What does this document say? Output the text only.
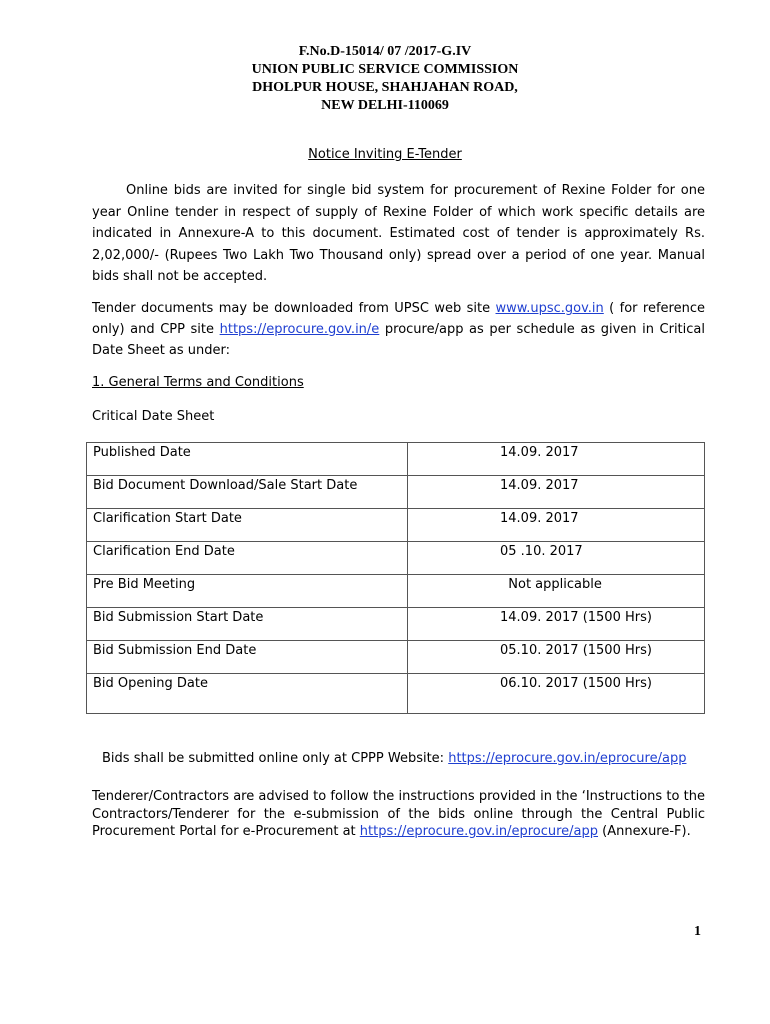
F.No.D-15014/ 07 /2017-G.IV
UNION PUBLIC SERVICE COMMISSION
DHOLPUR HOUSE, SHAHJAHAN ROAD,
NEW DELHI-110069
Notice Inviting E-Tender
Online bids are invited for single bid system for procurement of Rexine Folder for one year Online tender in respect of supply of Rexine Folder of which work specific details are indicated in Annexure-A to this document. Estimated cost of tender is approximately Rs. 2,02,000/- (Rupees Two Lakh Two Thousand only) spread over a period of one year. Manual bids shall not be accepted.
Tender documents may be downloaded from UPSC web site www.upsc.gov.in ( for reference only) and CPP site https://eprocure.gov.in/e procure/app as per schedule as given in Critical Date Sheet as under:
1. General Terms and Conditions
Critical Date Sheet
Published Date	14.09. 2017
Bid Document Download/Sale Start Date	14.09. 2017
Clarification Start Date	14.09. 2017
Clarification End Date	05 .10. 2017
Pre Bid Meeting	Not applicable
Bid Submission Start Date	14.09. 2017 (1500 Hrs)
Bid Submission End Date	05.10. 2017 (1500 Hrs)
Bid Opening Date	06.10. 2017 (1500 Hrs)
Bids shall be submitted online only at CPPP Website: https://eprocure.gov.in/eprocure/app
Tenderer/Contractors are advised to follow the instructions provided in the ‘Instructions to the Contractors/Tenderer for the e-submission of the bids online through the Central Public Procurement Portal for e-Procurement at https://eprocure.gov.in/eprocure/app (Annexure-F).
1
